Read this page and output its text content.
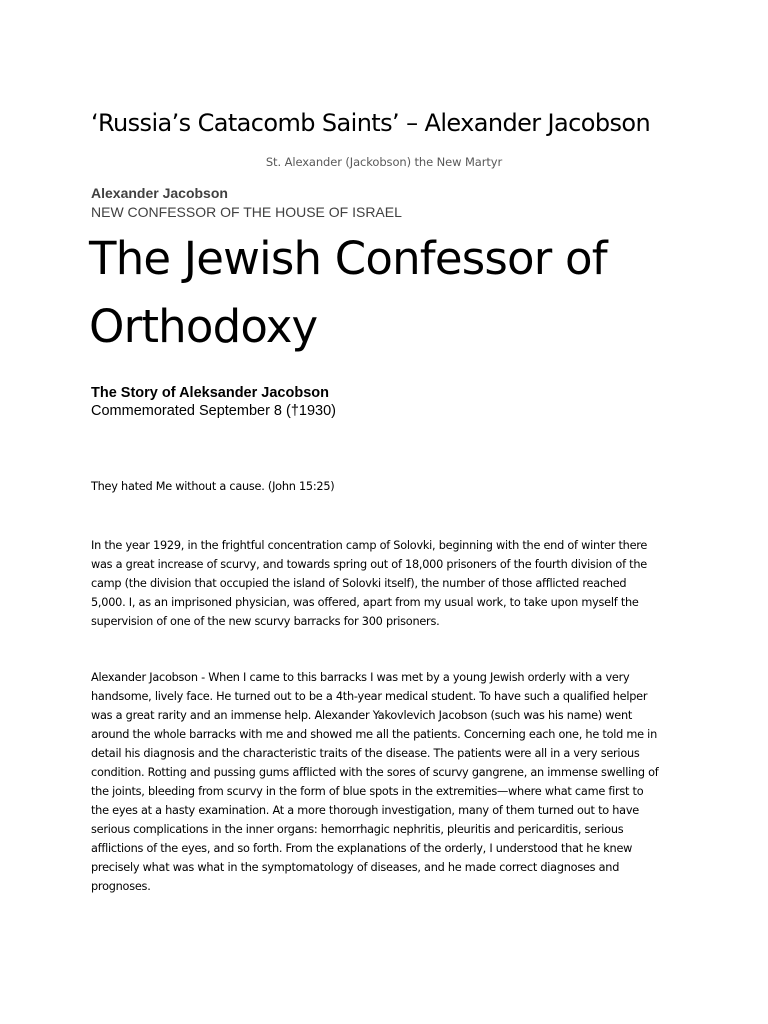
‘Russia’s Catacomb Saints’ – Alexander Jacobson
St. Alexander (Jackobson) the New Martyr
Alexander Jacobson
NEW CONFESSOR OF THE HOUSE OF ISRAEL
The Jewish Confessor of
Orthodoxy
The Story of Aleksander Jacobson
Commemorated September 8 (†1930)
They hated Me without a cause. (John 15:25)

In the year 1929, in the frightful concentration camp of Solovki, beginning with the end of winter there
was a great increase of scurvy, and towards spring out of 18,000 prisoners of the fourth division of the
camp (the division that occupied the island of Solovki itself), the number of those afflicted reached
5,000. I, as an imprisoned physician, was offered, apart from my usual work, to take upon myself the
supervision of one of the new scurvy barracks for 300 prisoners.

Alexander Jacobson - When I came to this barracks I was met by a young Jewish orderly with a very
handsome, lively face. He turned out to be a 4th-year medical student. To have such a qualified helper
was a great rarity and an immense help. Alexander Yakovlevich Jacobson (such was his name) went
around the whole barracks with me and showed me all the patients. Concerning each one, he told me in
detail his diagnosis and the characteristic traits of the disease. The patients were all in a very serious
condition. Rotting and pussing gums afflicted with the sores of scurvy gangrene, an immense swelling of
the joints, bleeding from scurvy in the form of blue spots in the extremities—where what came first to
the eyes at a hasty examination. At a more thorough investigation, many of them turned out to have
serious complications in the inner organs: hemorrhagic nephritis, pleuritis and pericarditis, serious
afflictions of the eyes, and so forth. From the explanations of the orderly, I understood that he knew
precisely what was what in the symptomatology of diseases, and he made correct diagnoses and
prognoses.
